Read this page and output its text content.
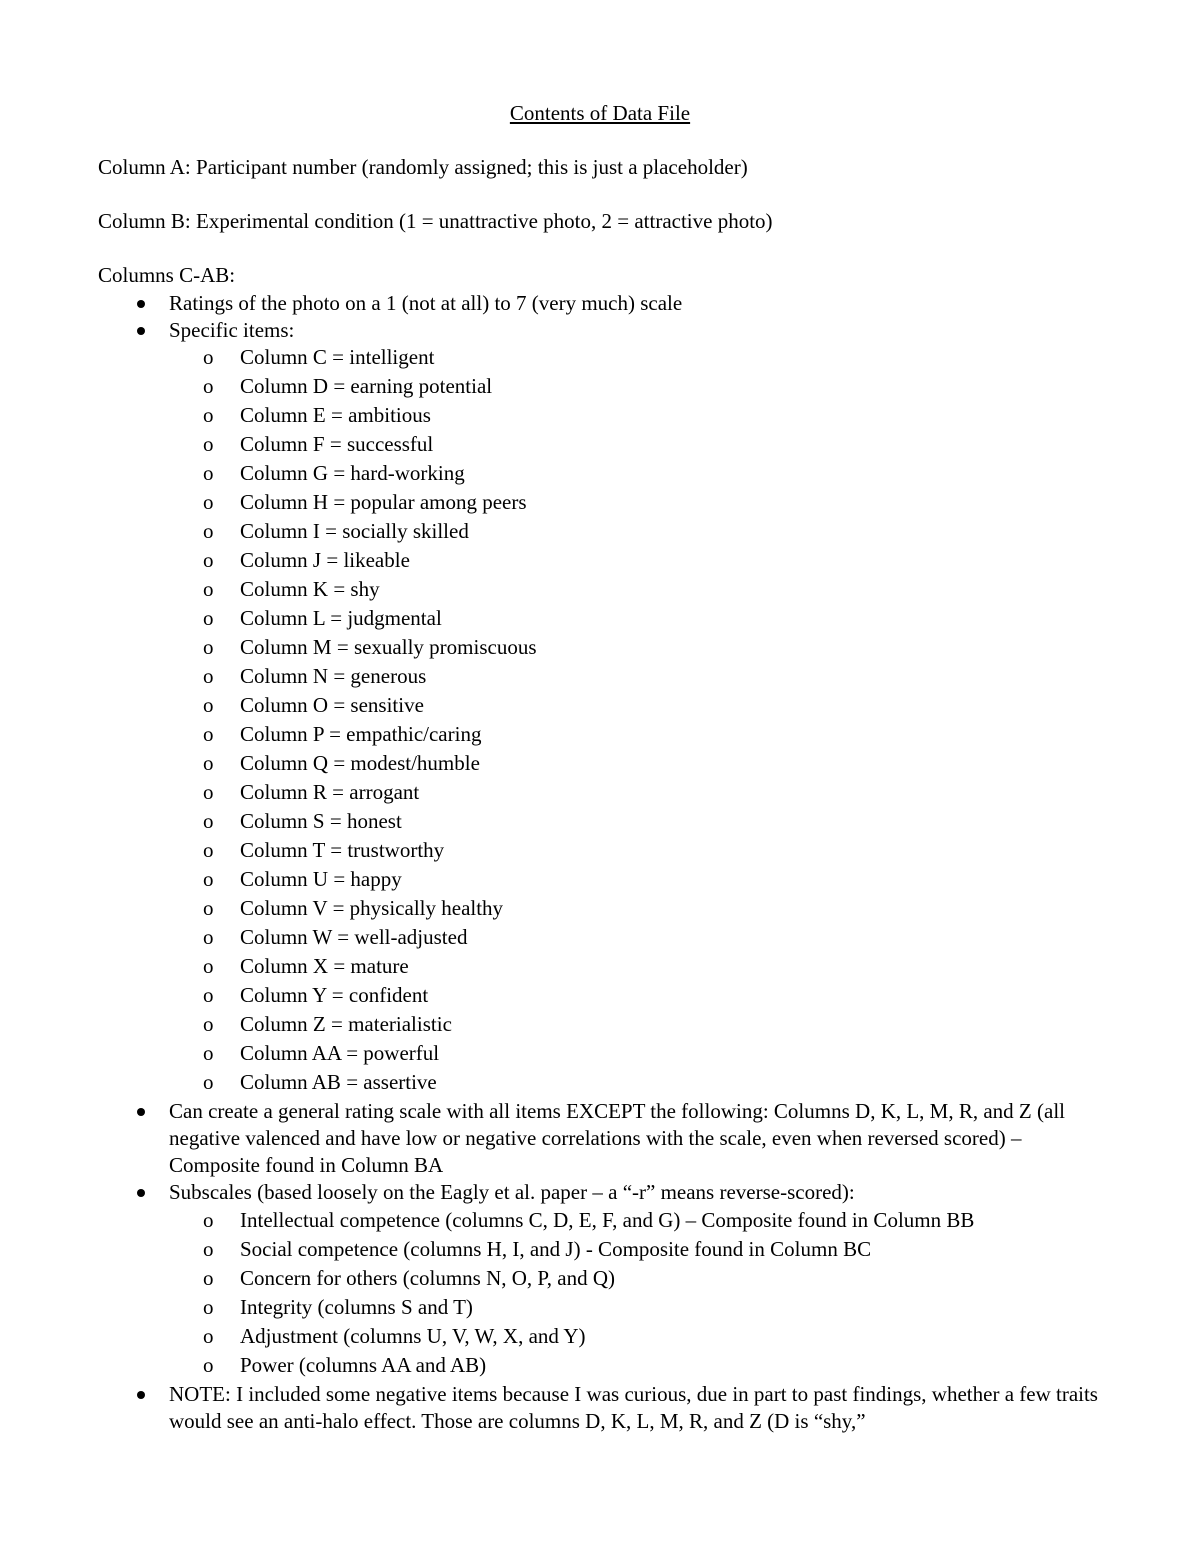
Contents of Data File

Column A: Participant number (randomly assigned; this is just a placeholder)

Column B: Experimental condition (1 = unattractive photo, 2 = attractive photo)

Columns C-AB:

Ratings of the photo on a 1 (not at all) to 7 (very much) scale

Specific items:

o Column C = intelligent
o Column D = earning potential
o Column E = ambitious
o Column F = successful
o Column G = hard-working
o Column H = popular among peers
o Column I = socially skilled
o Column J = likeable
o Column K = shy
o Column L = judgmental
o Column M = sexually promiscuous
o Column N = generous
o Column O = sensitive
o Column P = empathic/caring
o Column Q = modest/humble
o Column R = arrogant
o Column S = honest
o Column T = trustworthy
o Column U = happy
o Column V = physically healthy
o Column W = well-adjusted
o Column X = mature
o Column Y = confident
o Column Z = materialistic
o Column AA = powerful
o Column AB = assertive

Can create a general rating scale with all items EXCEPT the following: Columns D, K, L, M, R, and Z (all negative valenced and have low or negative correlations with the scale, even when reversed scored) – Composite found in Column BA

Subscales (based loosely on the Eagly et al. paper – a “-r” means reverse-scored):

o Intellectual competence (columns C, D, E, F, and G) – Composite found in Column BB
o Social competence (columns H, I, and J) - Composite found in Column BC
o Concern for others (columns N, O, P, and Q)
o Integrity (columns S and T)
o Adjustment (columns U, V, W, X, and Y)
o Power (columns AA and AB)

NOTE: I included some negative items because I was curious, due in part to past findings, whether a few traits would see an anti-halo effect. Those are columns D, K, L, M, R, and Z (D is “shy,”
